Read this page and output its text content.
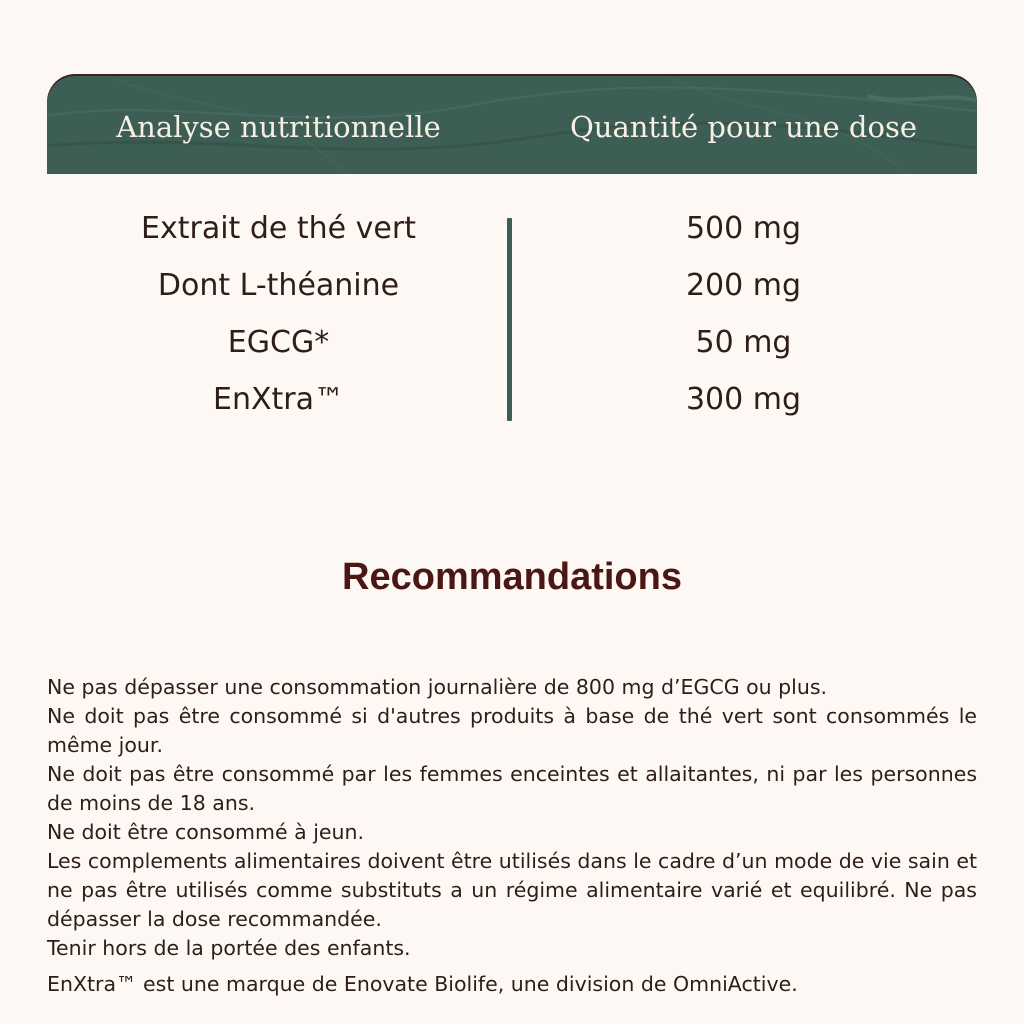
Analyse nutritionnelle	Quantité pour une dose
Extrait de thé vert	500 mg
Dont L-théanine	200 mg
EGCG*	50 mg
EnXtra™	300 mg
Recommandations

Ne pas dépasser une consommation journalière de 800 mg d’EGCG ou plus.

Ne doit pas être consommé si d'autres produits à base de thé vert sont consommés le même jour.

Ne doit pas être consommé par les femmes enceintes et allaitantes, ni par les personnes de moins de 18 ans.

Ne doit être consommé à jeun.

Les complements alimentaires doivent être utilisés dans le cadre d’un mode de vie sain et ne pas être utilisés comme substituts a un régime alimentaire varié et equilibré. Ne pas dépasser la dose recommandée.

Tenir hors de la portée des enfants.

EnXtra™ est une marque de Enovate Biolife, une division de OmniActive.
